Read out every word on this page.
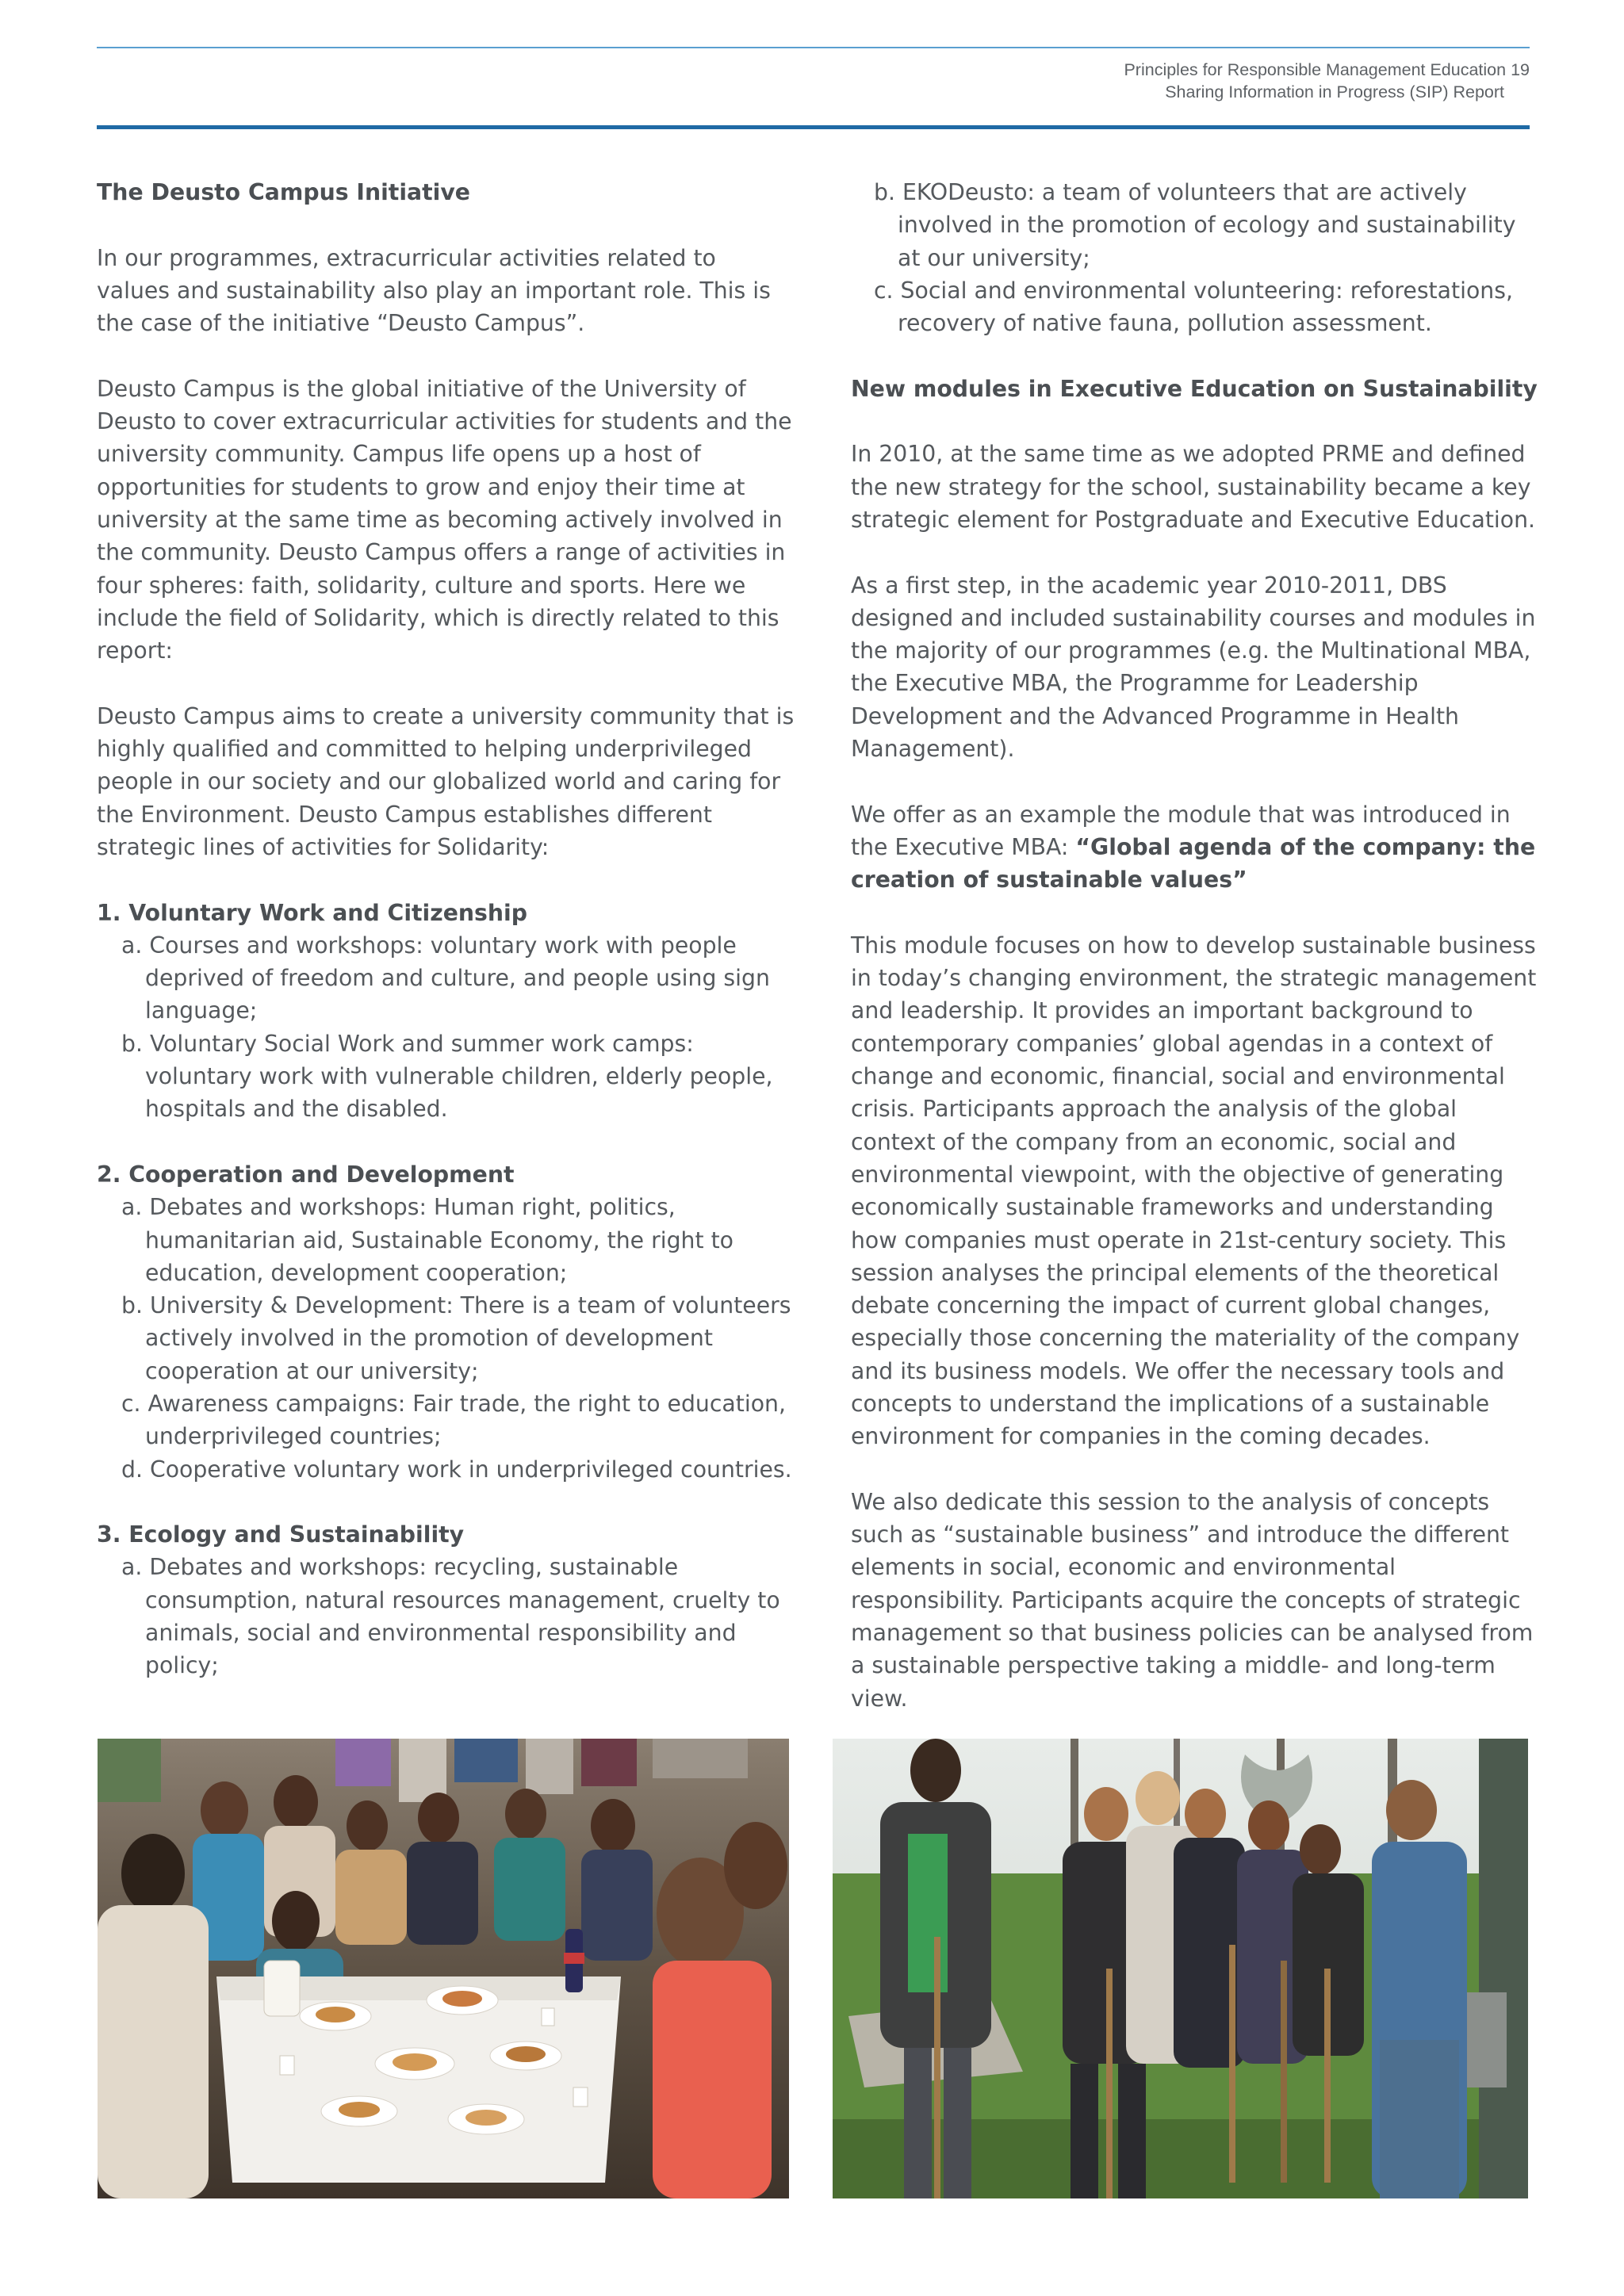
Principles for Responsible Management Education 19
Sharing Information in Progress (SIP) Report
The Deusto Campus Initiative

In our programmes, extracurricular activities related to values and sustainability also play an important role. This is the case of the initiative “Deusto Campus”.

Deusto Campus is the global initiative of the University of Deusto to cover extracurricular activities for students and the university community. Campus life opens up a host of opportunities for students to grow and enjoy their time at university at the same time as becoming actively involved in the community. Deusto Campus offers a range of activities in four spheres: faith, solidarity, culture and sports. Here we include the field of Solidarity, which is directly related to this report:

Deusto Campus aims to create a university community that is highly qualified and committed to helping underprivileged people in our society and our globalized world and caring for the Environment. Deusto Campus establishes different strategic lines of activities for Solidarity:

1. Voluntary Work and Citizenship
a. Courses and workshops: voluntary work with people deprived of freedom and culture, and people using sign language;
b. Voluntary Social Work and summer work camps: voluntary work with vulnerable children, elderly people, hospitals and the disabled.
2. Cooperation and Development
a. Debates and workshops: Human right, politics, humanitarian aid, Sustainable Economy, the right to education, development cooperation;
b. University & Development: There is a team of volunteers actively involved in the promotion of development cooperation at our university;
c. Awareness campaigns: Fair trade, the right to education, underprivileged countries;
d. Cooperative voluntary work in underprivileged countries.
3. Ecology and Sustainability
a. Debates and workshops: recycling, sustainable consumption, natural resources management, cruelty to animals, social and environmental responsibility and policy;
b. EKODeusto: a team of volunteers that are actively involved in the promotion of ecology and sustainability at our university;
c. Social and environmental volunteering: reforestations, recovery of native fauna, pollution assessment.
New modules in Executive Education on Sustainability

In 2010, at the same time as we adopted PRME and defined the new strategy for the school, sustainability became a key strategic element for Postgraduate and Executive Education.

As a first step, in the academic year 2010-2011, DBS designed and included sustainability courses and modules in the majority of our programmes (e.g. the Multinational MBA, the Executive MBA, the Programme for Leadership Development and the Advanced Programme in Health Management).

We offer as an example the module that was introduced in the Executive MBA: “Global agenda of the company: the creation of sustainable values”

This module focuses on how to develop sustainable business in today’s changing environment, the strategic management and leadership. It provides an important background to contemporary companies’ global agendas in a context of change and economic, financial, social and environmental crisis. Participants approach the analysis of the global context of the company from an economic, social and environmental viewpoint, with the objective of generating economically sustainable frameworks and understanding how companies must operate in 21st-century society. This session analyses the principal elements of the theoretical debate concerning the impact of current global changes, especially those concerning the materiality of the company and its business models. We offer the necessary tools and concepts to understand the implications of a sustainable environment for companies in the coming decades.

We also dedicate this session to the analysis of concepts such as “sustainable business” and introduce the different elements in social, economic and environmental responsibility. Participants acquire the concepts of strategic management so that business policies can be analysed from a sustainable perspective taking a middle- and long-term view.
